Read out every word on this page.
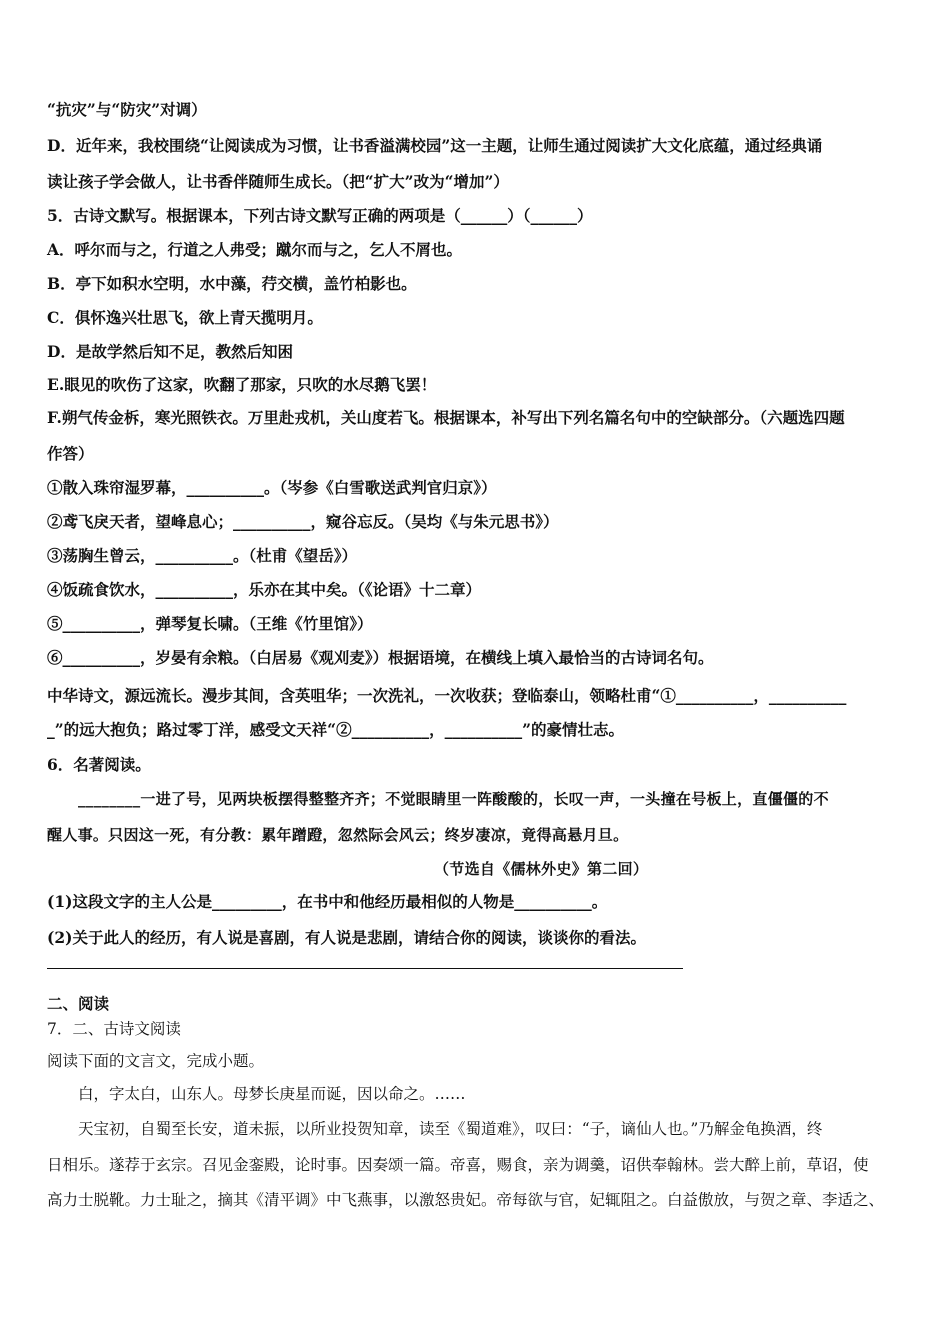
“抗灾”与“防灾”对调）
D．近年来，我校围绕“让阅读成为习惯，让书香溢满校园”这一主题，让师生通过阅读扩大文化底蕴，通过经典诵
读让孩子学会做人，让书香伴随师生成长。（把“扩大”改为“增加”）
5．古诗文默写。根据课本，下列古诗文默写正确的两项是（______）（______）
A．呼尔而与之，行道之人弗受；蹴尔而与之，乞人不屑也。
B．亭下如积水空明，水中藻，荇交横，盖竹柏影也。
C．俱怀逸兴壮思飞，欲上青天揽明月。
D．是故学然后知不足，教然后知困
E.眼见的吹伤了这家，吹翻了那家，只吹的水尽鹅飞罢！
F.朔气传金柝，寒光照铁衣。万里赴戎机，关山度若飞。根据课本，补写出下列名篇名句中的空缺部分。（六题选四题
作答）
①散入珠帘湿罗幕，__________。（岑参《白雪歌送武判官归京》）
②鸢飞戾天者，望峰息心；__________，窥谷忘反。（吴均《与朱元思书》）
③荡胸生曾云，__________。（杜甫《望岳》）
④饭疏食饮水，__________，乐亦在其中矣。（《论语》十二章）
⑤__________，弹琴复长啸。（王维《竹里馆》）
⑥__________，岁晏有余粮。（白居易《观刈麦》）根据语境，在横线上填入最恰当的古诗词名句。
中华诗文，源远流长。漫步其间，含英咀华；一次洗礼，一次收获；登临泰山，领略杜甫“①__________，__________
_”的远大抱负；路过零丁洋，感受文天祥“②__________，__________”的豪情壮志。
6．名著阅读。
________一进了号，见两块板摆得整整齐齐；不觉眼睛里一阵酸酸的，长叹一声，一头撞在号板上，直僵僵的不
醒人事。只因这一死，有分教：累年蹭蹬，忽然际会风云；终岁凄凉，竟得高悬月旦。
（节选自《儒林外史》第二回）
(1)这段文字的主人公是_________，在书中和他经历最相似的人物是__________。
(2)关于此人的经历，有人说是喜剧，有人说是悲剧，请结合你的阅读，谈谈你的看法。
二、阅读
7．二、古诗文阅读
阅读下面的文言文，完成小题。
白，字太白，山东人。母梦长庚星而诞，因以命之。……
天宝初，自蜀至长安，道未振，以所业投贺知章，读至《蜀道难》，叹曰：“子，谪仙人也。”乃解金龟换酒，终
日相乐。遂荐于玄宗。召见金銮殿，论时事。因奏颂一篇。帝喜，赐食，亲为调羹，诏供奉翰林。尝大醉上前，草诏，使
高力士脱靴。力士耻之，摘其《清平调》中飞燕事，以激怒贵妃。帝每欲与官，妃辄阻之。白益傲放，与贺之章、李适之、
